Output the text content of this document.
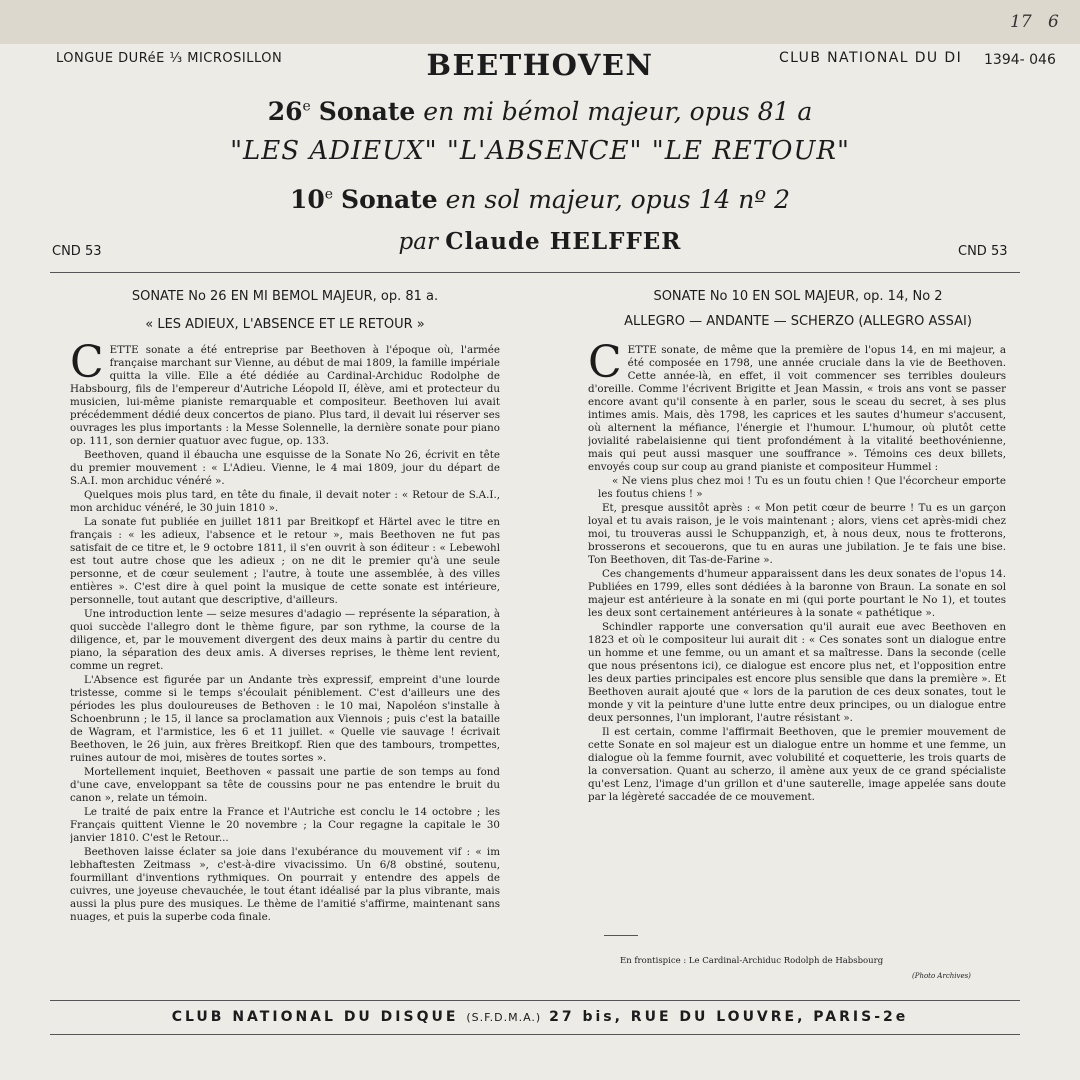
17 6
LONGUE DURéE ⅓ MICROSILLON	BEETHOVEN	CLUB NATIONAL DU DI 1394- 046
26e Sonate en mi bémol majeur, opus 81 a
"LES ADIEUX" "L'ABSENCE" "LE RETOUR"
10e Sonate en sol majeur, opus 14 nº 2
par Claude HELFFER
CND 53	CND 53
SONATE No 26 EN MI BEMOL MAJEUR, op. 81 a.
« LES ADIEUX, L'ABSENCE ET LE RETOUR »

CETTE sonate a été entreprise par Beethoven à l'époque où, l'armée française marchant sur Vienne, au début de mai 1809, la famille impériale quitta la ville. Elle a été dédiée au Cardinal-Archiduc Rodolphe de Habsbourg, fils de l'empereur d'Autriche Léopold II, élève, ami et protecteur du musicien, lui-même pianiste remarquable et compositeur. Beethoven lui avait précédemment dédié deux concertos de piano. Plus tard, il devait lui réserver ses ouvrages les plus importants : la Messe Solennelle, la dernière sonate pour piano op. 111, son dernier quatuor avec fugue, op. 133.

Beethoven, quand il ébaucha une esquisse de la Sonate No 26, écrivit en tête du premier mouvement : « L'Adieu. Vienne, le 4 mai 1809, jour du départ de S.A.I. mon archiduc vénéré ».

Quelques mois plus tard, en tête du finale, il devait noter : « Retour de S.A.I., mon archiduc vénéré, le 30 juin 1810 ».

La sonate fut publiée en juillet 1811 par Breitkopf et Härtel avec le titre en français : « les adieux, l'absence et le retour », mais Beethoven ne fut pas satisfait de ce titre et, le 9 octobre 1811, il s'en ouvrit à son éditeur : « Lebewohl est tout autre chose que les adieux ; on ne dit le premier qu'à une seule personne, et de cœur seulement ; l'autre, à toute une assemblée, à des villes entières ». C'est dire à quel point la musique de cette sonate est intérieure, personnelle, tout autant que descriptive, d'ailleurs.

Une introduction lente — seize mesures d'adagio — représente la séparation, à quoi succède l'allegro dont le thème figure, par son rythme, la course de la diligence, et, par le mouvement divergent des deux mains à partir du centre du piano, la séparation des deux amis. A diverses reprises, le thème lent revient, comme un regret.

L'Absence est figurée par un Andante très expressif, empreint d'une lourde tristesse, comme si le temps s'écoulait péniblement. C'est d'ailleurs une des périodes les plus douloureuses de Bethoven : le 10 mai, Napoléon s'installe à Schoenbrunn ; le 15, il lance sa proclamation aux Viennois ; puis c'est la bataille de Wagram, et l'armistice, les 6 et 11 juillet. « Quelle vie sauvage ! écrivait Beethoven, le 26 juin, aux frères Breitkopf. Rien que des tambours, trompettes, ruines autour de moi, misères de toutes sortes ».

Mortellement inquiet, Beethoven « passait une partie de son temps au fond d'une cave, enveloppant sa tête de coussins pour ne pas entendre le bruit du canon », relate un témoin.

Le traité de paix entre la France et l'Autriche est conclu le 14 octobre ; les Français quittent Vienne le 20 novembre ; la Cour regagne la capitale le 30 janvier 1810. C'est le Retour...

Beethoven laisse éclater sa joie dans l'exubérance du mouvement vif : « im lebhaftesten Zeitmass », c'est-à-dire vivacissimo. Un 6/8 obstiné, soutenu, fourmillant d'inventions rythmiques. On pourrait y entendre des appels de cuivres, une joyeuse chevauchée, le tout étant idéalisé par la plus vibrante, mais aussi la plus pure des musiques. Le thème de l'amitié s'affirme, maintenant sans nuages, et puis la superbe coda finale.

SONATE No 10 EN SOL MAJEUR, op. 14, No 2
ALLEGRO — ANDANTE — SCHERZO (ALLEGRO ASSAI)

CETTE sonate, de même que la première de l'opus 14, en mi majeur, a été composée en 1798, une année cruciale dans la vie de Beethoven. Cette année-là, en effet, il voit commencer ses terribles douleurs d'oreille. Comme l'écrivent Brigitte et Jean Massin, « trois ans vont se passer encore avant qu'il consente à en parler, sous le sceau du secret, à ses plus intimes amis. Mais, dès 1798, les caprices et les sautes d'humeur s'accusent, où alternent la méfiance, l'énergie et l'humour. L'humour, où plutôt cette jovialité rabelaisienne qui tient profondément à la vitalité beethovénienne, mais qui peut aussi masquer une souffrance ». Témoins ces deux billets, envoyés coup sur coup au grand pianiste et compositeur Hummel :

« Ne viens plus chez moi ! Tu es un foutu chien ! Que l'écorcheur emporte les foutus chiens ! »

Et, presque aussitôt après : « Mon petit cœur de beurre ! Tu es un garçon loyal et tu avais raison, je le vois maintenant ; alors, viens cet après-midi chez moi, tu trouveras aussi le Schuppanzigh, et, à nous deux, nous te frotterons, brosserons et secouerons, que tu en auras une jubilation. Je te fais une bise. Ton Beethoven, dit Tas-de-Farine ».

Ces changements d'humeur apparaissent dans les deux sonates de l'opus 14. Publiées en 1799, elles sont dédiées à la baronne von Braun. La sonate en sol majeur est antérieure à la sonate en mi (qui porte pourtant le No 1), et toutes les deux sont certainement antérieures à la sonate « pathétique ».

Schindler rapporte une conversation qu'il aurait eue avec Beethoven en 1823 et où le compositeur lui aurait dit : « Ces sonates sont un dialogue entre un homme et une femme, ou un amant et sa maîtresse. Dans la seconde (celle que nous présentons ici), ce dialogue est encore plus net, et l'opposition entre les deux parties principales est encore plus sensible que dans la première ». Et Beethoven aurait ajouté que « lors de la parution de ces deux sonates, tout le monde y vit la peinture d'une lutte entre deux principes, ou un dialogue entre deux personnes, l'un implorant, l'autre résistant ».

Il est certain, comme l'affirmait Beethoven, que le premier mouvement de cette Sonate en sol majeur est un dialogue entre un homme et une femme, un dialogue où la femme fournit, avec volubilité et coquetterie, les trois quarts de la conversation. Quant au scherzo, il amène aux yeux de ce grand spécialiste qu'est Lenz, l'image d'un grillon et d'une sauterelle, image appelée sans doute par la légèreté saccadée de ce mouvement.

En frontispice : Le Cardinal-Archiduc Rodolph de Habsbourg
(Photo Archives)
CLUB NATIONAL DU DISQUE (S.F.D.M.A.) 27 bis, RUE DU LOUVRE, PARIS-2e
